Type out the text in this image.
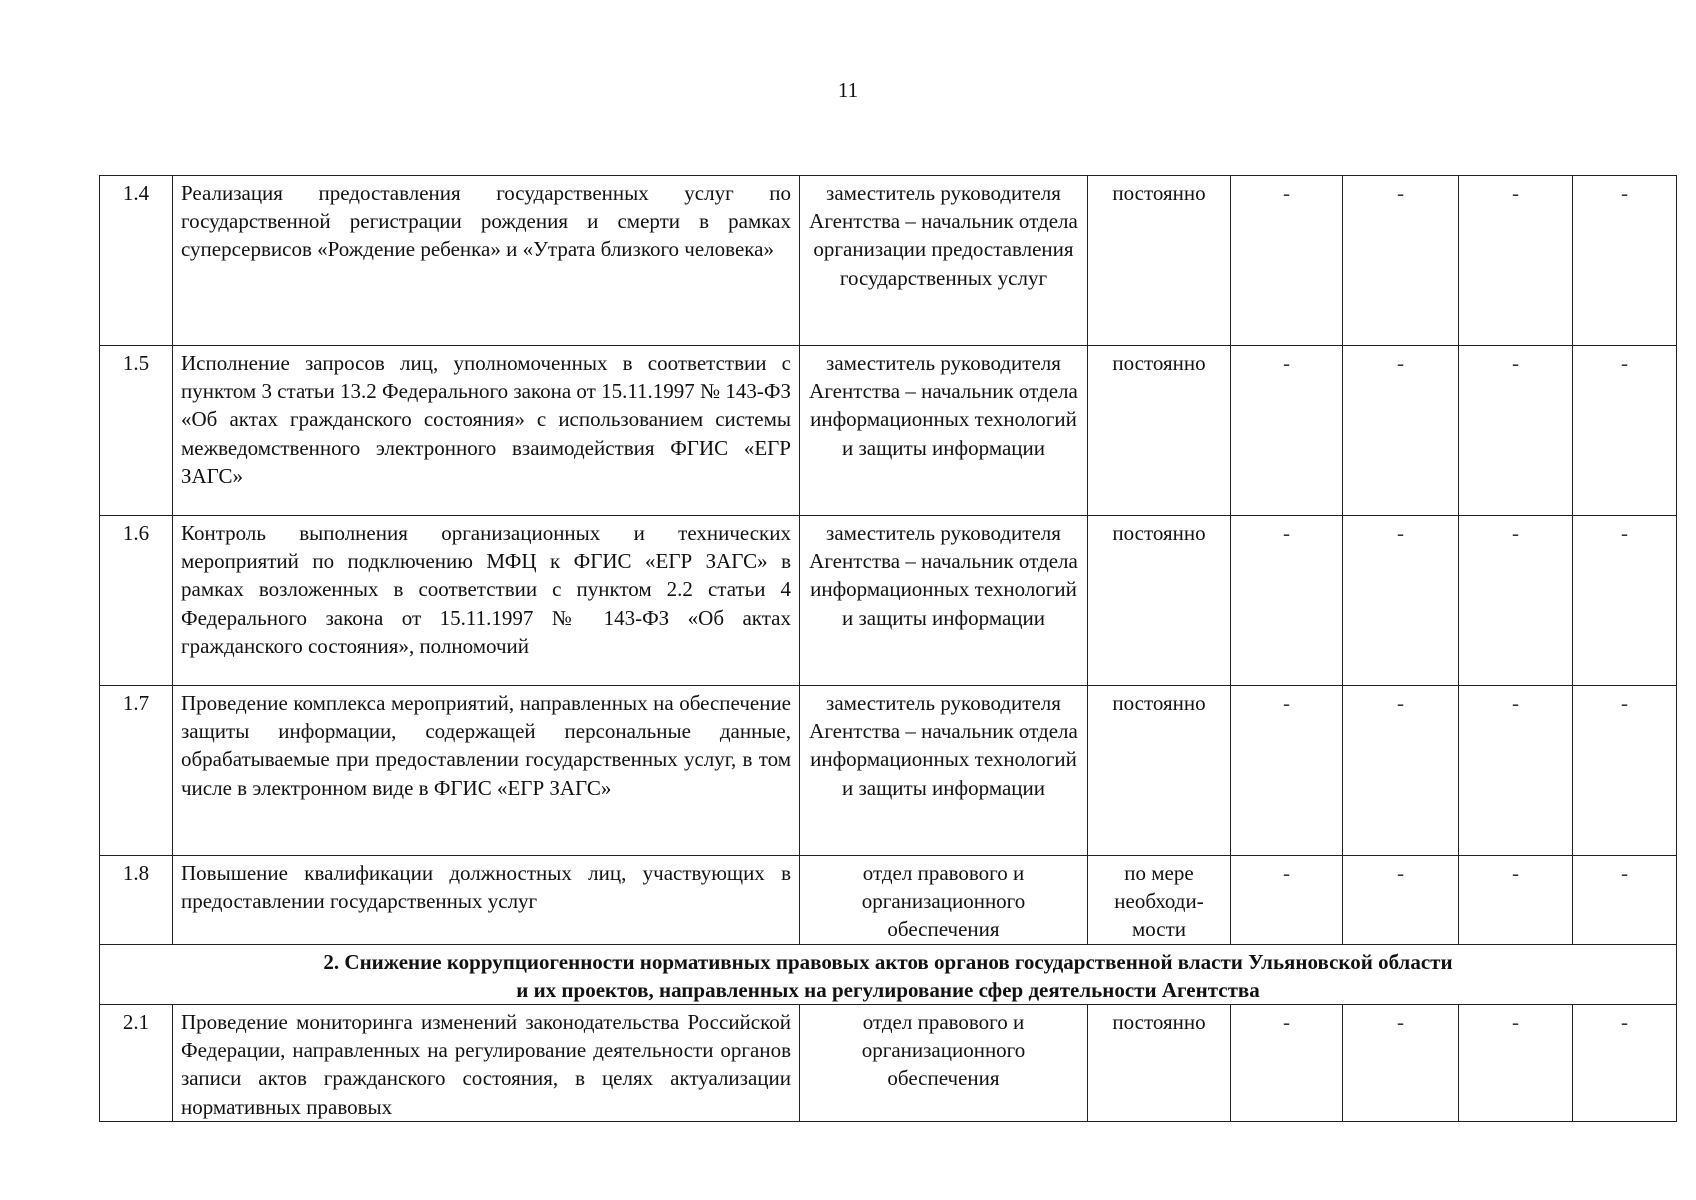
11
1.4	Реализация предоставления государственных услуг по государственной регистрации рождения и смерти в рамках суперсервисов «Рождение ребенка» и «Утрата близкого человека»	заместитель руководителя Агентства – начальник отдела организации предоставления государственных услуг	постоянно	-	-	-	-
1.5	Исполнение запросов лиц, уполномоченных в соответствии с пунктом 3 статьи 13.2 Федерального закона от 15.11.1997 № 143-ФЗ «Об актах гражданского состояния» с использованием системы межведомственного электронного взаимодействия ФГИС «ЕГР ЗАГС»	заместитель руководителя Агентства – начальник отдела информационных технологий и защиты информации	постоянно	-	-	-	-
1.6	Контроль выполнения организационных и технических мероприятий по подключению МФЦ к ФГИС «ЕГР ЗАГС» в рамках возложенных в соответствии с пунктом 2.2 статьи 4 Федерального закона от 15.11.1997 № 143-ФЗ «Об актах гражданского состояния», полномочий	заместитель руководителя Агентства – начальник отдела информационных технологий и защиты информации	постоянно	-	-	-	-
1.7	Проведение комплекса мероприятий, направленных на обеспечение защиты информации, содержащей персональные данные, обрабатываемые при предоставлении государственных услуг, в том числе в электронном виде в ФГИС «ЕГР ЗАГС»	заместитель руководителя Агентства – начальник отдела информационных технологий и защиты информации	постоянно	-	-	-	-
1.8	Повышение квалификации должностных лиц, участвующих в предоставлении государственных услуг	отдел правового и организационного обеспечения	по мере необходи-мости	-	-	-	-

2. Снижение коррупциогенности нормативных правовых актов органов государственной власти Ульяновской области
и их проектов, направленных на регулирование сфер деятельности Агентства							

2.1	Проведение мониторинга изменений законодательства Российской Федерации, направленных на регулирование деятельности органов записи актов гражданского состояния, в целях актуализации нормативных правовых	отдел правового и организационного обеспечения	постоянно	-	-	-	-
